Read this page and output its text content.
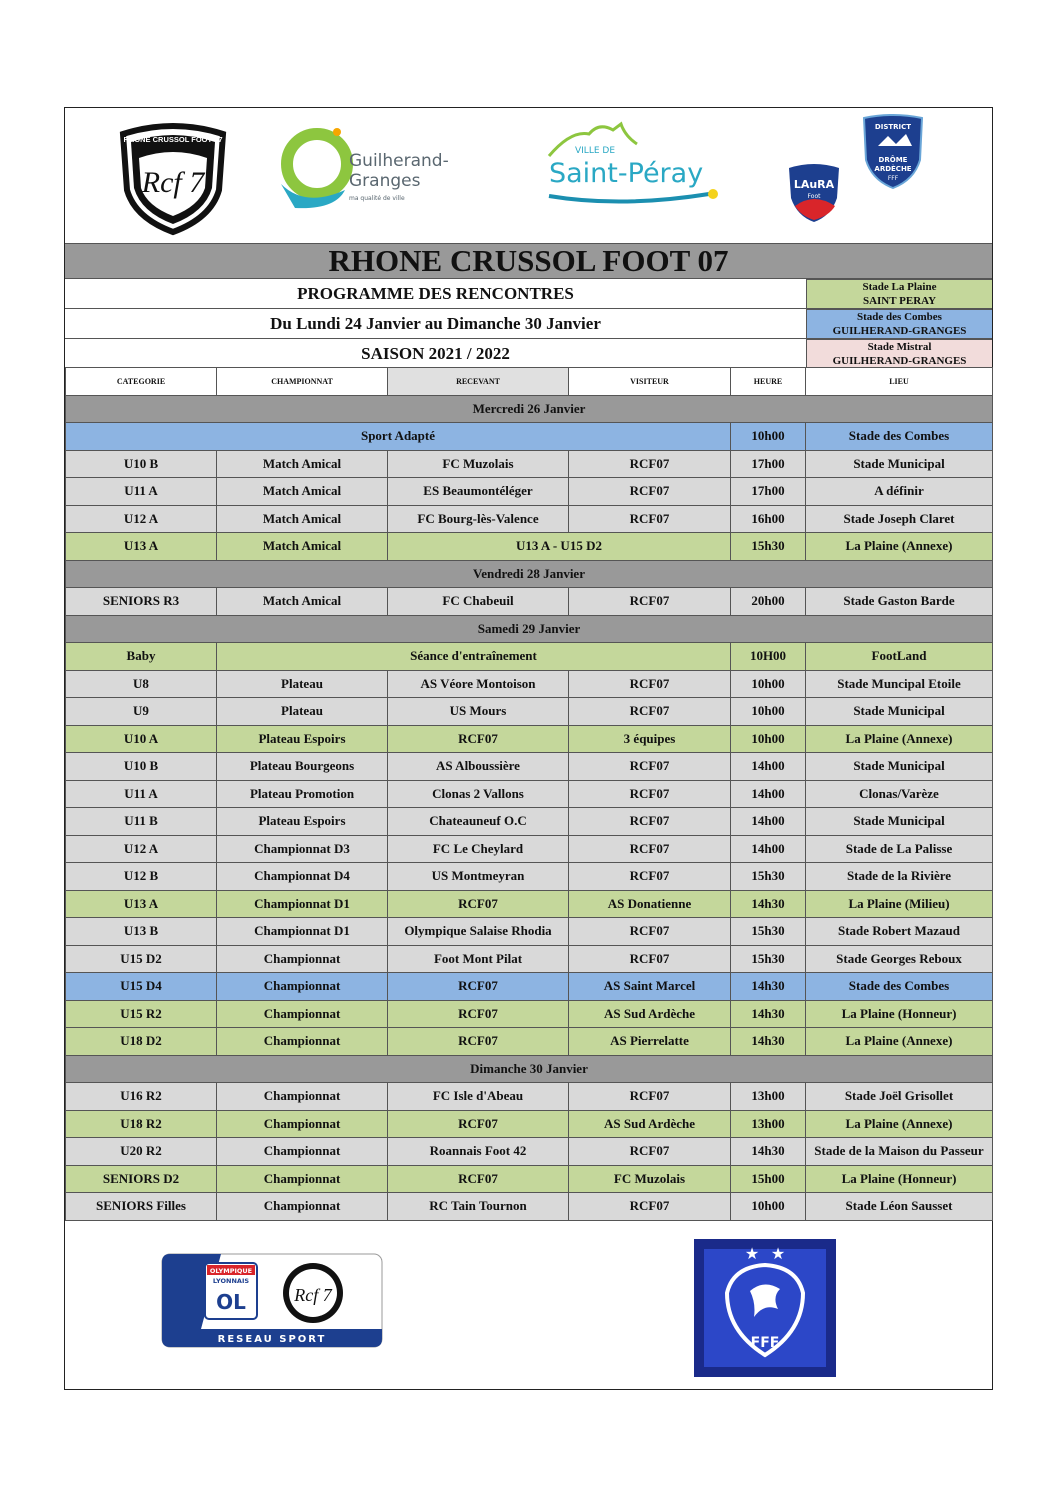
RHÔNE CRUSSOL FOOT 07
Rcf 7
Guilherand-
Granges
ma qualité de ville
VILLE DE
Saint-Péray	LAuRA
Foot
DISTRICT
DRÔME
ARDÈCHE
FFF
RHONE CRUSSOL FOOT 07
PROGRAMME DES RENCONTRES
Du Lundi 24 Janvier au Dimanche 30 Janvier
SAISON 2021 / 2022
Stade La Plaine
SAINT PERAY
Stade des Combes
GUILHERAND-GRANGES
Stade Mistral
GUILHERAND-GRANGES
CATEGORIE	CHAMPIONNAT	RECEVANT	VISITEUR	HEURE	LIEU
Mercredi 26 Janvier					
Sport Adapté				10h00	Stade des Combes
U10 B	Match Amical	FC Muzolais	RCF07	17h00	Stade Municipal
U11 A	Match Amical	ES Beaumontéléger	RCF07	17h00	A définir
U12 A	Match Amical	FC Bourg-lès-Valence	RCF07	16h00	Stade Joseph Claret
U13 A	Match Amical	U13 A - U15 D2		15h30	La Plaine (Annexe)
Vendredi 28 Janvier					
SENIORS R3	Match Amical	FC Chabeuil	RCF07	20h00	Stade Gaston Barde
Samedi 29 Janvier					
Baby	Séance d'entraînement			10H00	FootLand
U8	Plateau	AS Véore Montoison	RCF07	10h00	Stade Muncipal Etoile
U9	Plateau	US Mours	RCF07	10h00	Stade Municipal
U10 A	Plateau Espoirs	RCF07	3 équipes	10h00	La Plaine (Annexe)
U10 B	Plateau Bourgeons	AS Alboussière	RCF07	14h00	Stade Municipal
U11 A	Plateau Promotion	Clonas 2 Vallons	RCF07	14h00	Clonas/Varèze
U11 B	Plateau Espoirs	Chateauneuf O.C	RCF07	14h00	Stade Municipal
U12 A	Championnat D3	FC Le Cheylard	RCF07	14h00	Stade de La Palisse
U12 B	Championnat D4	US Montmeyran	RCF07	15h30	Stade de la Rivière
U13 A	Championnat D1	RCF07	AS Donatienne	14h30	La Plaine (Milieu)
U13 B	Championnat D1	Olympique Salaise Rhodia	RCF07	15h30	Stade Robert Mazaud
U15 D2	Championnat	Foot Mont Pilat	RCF07	15h30	Stade Georges Reboux
U15 D4	Championnat	RCF07	AS Saint Marcel	14h30	Stade des Combes
U15 R2	Championnat	RCF07	AS Sud Ardèche	14h30	La Plaine (Honneur)
U18 D2	Championnat	RCF07	AS Pierrelatte	14h30	La Plaine (Annexe)
Dimanche 30 Janvier					
U16 R2	Championnat	FC Isle d'Abeau	RCF07	13h00	Stade Joël Grisollet
U18 R2	Championnat	RCF07	AS Sud Ardèche	13h00	La Plaine (Annexe)
U20 R2	Championnat	Roannais Foot 42	RCF07	14h30	Stade de la Maison du Passeur
SENIORS D2	Championnat	RCF07	FC Muzolais	15h00	La Plaine (Honneur)
SENIORS Filles	Championnat	RC Tain Tournon	RCF07	10h00	Stade Léon Sausset
OLYMPIQUE
LYONNAIS
OL	Rcf 7
RESEAU SPORT
★ ★
FFF
